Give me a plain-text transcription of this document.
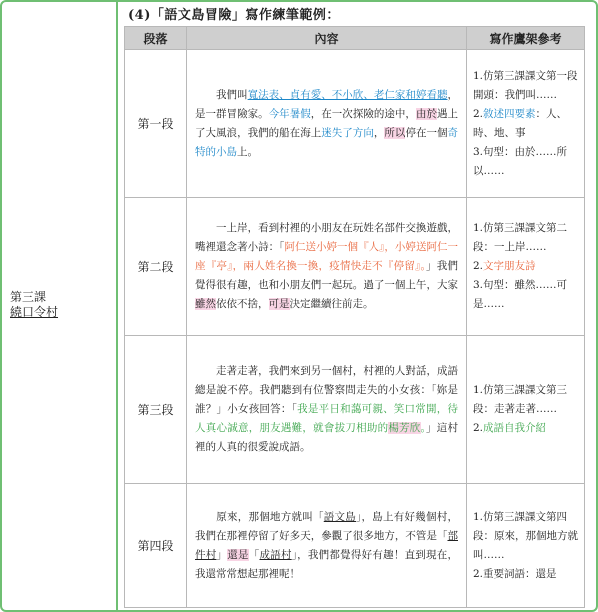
第三課
繞口令村
(4)「語文島冒險」寫作練筆範例：
段落	內容	寫作鷹架參考
第一段	我們叫寬法表、貞有愛、不小欣、老仁家和婷看聽，是一群冒險家。今年暑假，在一次探險的途中，由於遇上了大風浪，我們的船在海上迷失了方向，所以停在一個奇特的小島上。	1.仿第三課課文第一段開頭：我們叫……
2.敘述四要素：人、時、地、事
3.句型：由於……所以……

第二段	一上岸，看到村裡的小朋友在玩姓名部件交換遊戲，嘴裡還念著小詩：「阿仁送小婷一個『人』，小婷送阿仁一座『亭』，兩人姓名換一換，疫情快走不『停留』。」我們覺得很有趣，也和小朋友們一起玩。過了一個上午，大家雖然依依不捨，可是決定繼續往前走。	1.仿第三課課文第二段：一上岸……
2.文字朋友詩
3.句型：雖然……可是……

第三段	走著走著，我們來到另一個村，村裡的人對話，成語總是說不停。我們聽到有位警察問走失的小女孩：「妳是誰？」小女孩回答：「我是平日和藹可親、笑口常開，待人真心誠意，朋友遇難，就會拔刀相助的楊芳欣。」這村裡的人真的很愛說成語。	1.仿第三課課文第三段：走著走著……
2.成語自我介紹

第四段	原來，那個地方就叫「語文島」，島上有好幾個村，我們在那裡停留了好多天，參觀了很多地方，不管是「部件村」還是「成語村」，我們都覺得好有趣！直到現在，我還常常想起那裡呢！	1.仿第三課課文第四段：原來，那個地方就叫……
2.重要詞語：還是
